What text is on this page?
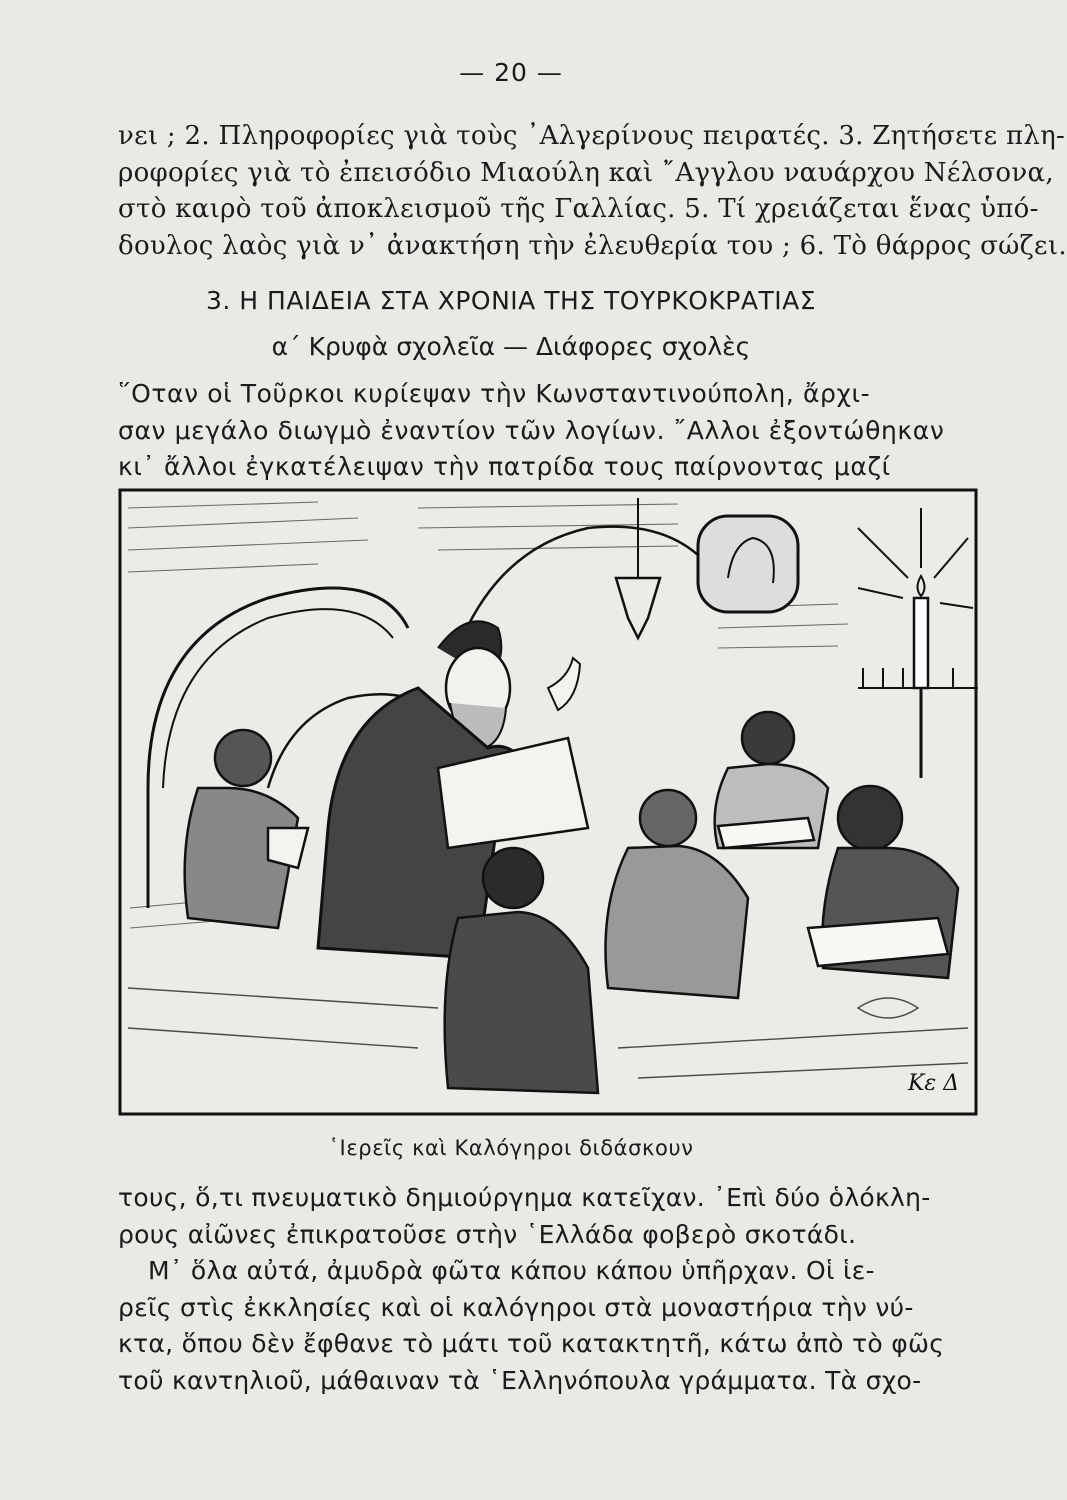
— 20 —

νει ; 2. Πληροφορίες γιὰ τοὺς ᾿Αλγερίνους πειρατές. 3. Ζητήσετε πλη-
ροφορίες γιὰ τὸ ἐπεισόδιο Μιαούλη καὶ ῎Αγγλου ναυάρχου Νέλσονα,
στὸ καιρὸ τοῦ ἀποκλεισμοῦ τῆς Γαλλίας. 5. Τί χρειάζεται ἕνας ὑπό-
δουλος λαὸς γιὰ ν᾿ ἀνακτήση τὴν ἐλευθερία του ; 6. Τὸ θάρρος σώζει.

3. Η ΠΑΙΔΕΙΑ ΣΤΑ ΧΡΟΝΙΑ ΤΗΣ ΤΟΥΡΚΟΚΡΑΤΙΑΣ
α΄ Κρυφὰ σχολεῖα — Διάφορες σχολὲς

῞Οταν οἱ Τοῦρκοι κυρίεψαν τὴν Κωνσταντινούπολη, ἄρχι-
σαν μεγάλο διωγμὸ ἐναντίον τῶν λογίων. ῎Αλλοι ἐξοντώθηκαν
κι᾿ ἄλλοι ἐγκατέλειψαν τὴν πατρίδα τους παίρνοντας μαζί

Κε Δ
῾Ιερεῖς καὶ Καλόγηροι διδάσκουν

τους, ὅ,τι πνευματικὸ δημιούργημα κατεῖχαν. ᾿Επὶ δύο ὁλόκλη-
ρους αἰῶνες ἐπικρατοῦσε στὴν ῾Ελλάδα φοβερὸ σκοτάδι.
Μ᾿ ὅλα αὐτά, ἀμυδρὰ φῶτα κάπου κάπου ὑπῆρχαν. Οἱ ἱε-
ρεῖς στὶς ἐκκλησίες καὶ οἱ καλόγηροι στὰ μοναστήρια τὴν νύ-
κτα, ὅπου δὲν ἔφθανε τὸ μάτι τοῦ κατακτητῆ, κάτω ἀπὸ τὸ φῶς
τοῦ καντηλιοῦ, μάθαιναν τὰ ῾Ελληνόπουλα γράμματα. Τὰ σχο-
